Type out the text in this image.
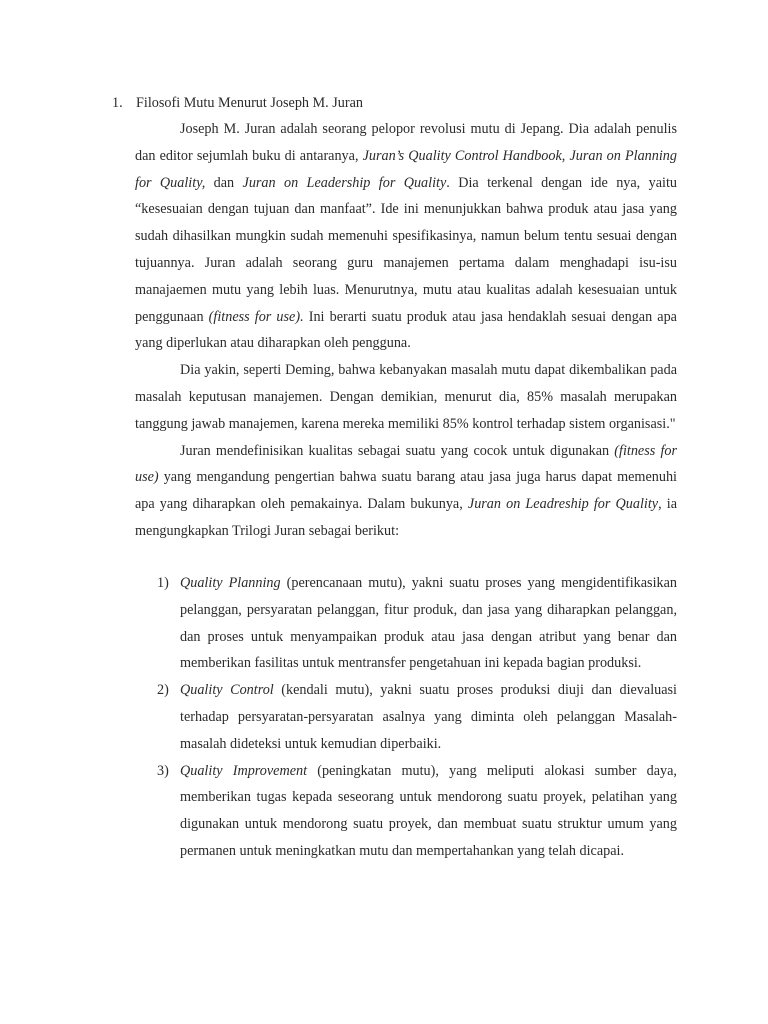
1. Filosofi Mutu Menurut Joseph M. Juran

Joseph M. Juran adalah seorang pelopor revolusi mutu di Jepang. Dia adalah penulis dan editor sejumlah buku di antaranya, Juran’s Quality Control Handbook, Juran on Planning for Quality, dan Juran on Leadership for Quality. Dia terkenal dengan ide nya, yaitu “kesesuaian dengan tujuan dan manfaat”. Ide ini menunjukkan bahwa produk atau jasa yang sudah dihasilkan mungkin sudah memenuhi spesifikasinya, namun belum tentu sesuai dengan tujuannya. Juran adalah seorang guru manajemen pertama dalam menghadapi isu-isu manajaemen mutu yang lebih luas. Menurutnya, mutu atau kualitas adalah kesesuaian untuk penggunaan (fitness for use). Ini berarti suatu produk atau jasa hendaklah sesuai dengan apa yang diperlukan atau diharapkan oleh pengguna.

Dia yakin, seperti Deming, bahwa kebanyakan masalah mutu dapat dikembalikan pada masalah keputusan manajemen. Dengan demikian, menurut dia, 85% masalah merupakan tanggung jawab manajemen, karena mereka memiliki 85% kontrol terhadap sistem organisasi."

Juran mendefinisikan kualitas sebagai suatu yang cocok untuk digunakan (fitness for use) yang mengandung pengertian bahwa suatu barang atau jasa juga harus dapat memenuhi apa yang diharapkan oleh pemakainya. Dalam bukunya, Juran on Leadreship for Quality, ia mengungkapkan Trilogi Juran sebagai berikut:

1) Quality Planning (perencanaan mutu), yakni suatu proses yang mengidentifikasikan pelanggan, persyaratan pelanggan, fitur produk, dan jasa yang diharapkan pelanggan, dan proses untuk menyampaikan produk atau jasa dengan atribut yang benar dan memberikan fasilitas untuk mentransfer pengetahuan ini kepada bagian produksi.
2) Quality Control (kendali mutu), yakni suatu proses produksi diuji dan dievaluasi terhadap persyaratan-persyaratan asalnya yang diminta oleh pelanggan Masalah-masalah dideteksi untuk kemudian diperbaiki.
3) Quality Improvement (peningkatan mutu), yang meliputi alokasi sumber daya, memberikan tugas kepada seseorang untuk mendorong suatu proyek, pelatihan yang digunakan untuk mendorong suatu proyek, dan membuat suatu struktur umum yang permanen untuk meningkatkan mutu dan mempertahankan yang telah dicapai.
